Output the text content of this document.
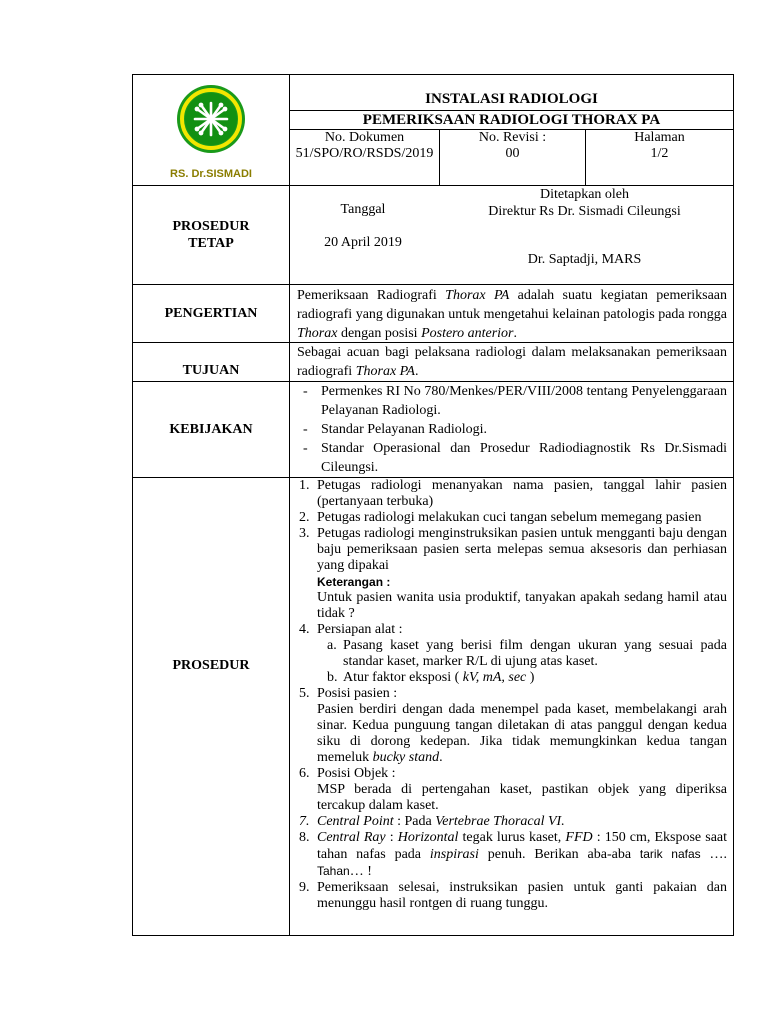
RS. Dr.SISMADI
INSTALASI RADIOLOGI
PEMERIKSAAN RADIOLOGI THORAX PA
No. Dokumen
51/SPO/RO/RSDS/2019
No. Revisi :
00
Halaman
1/2
PROSEDUR
TETAP
Tanggal
20 April 2019
Ditetapkan oleh
Direktur Rs Dr. Sismadi Cileungsi
Dr. Saptadji, MARS
PENGERTIAN
Pemeriksaan Radiografi Thorax PA adalah suatu kegiatan pemeriksaan radiografi yang digunakan untuk mengetahui kelainan patologis pada rongga Thorax dengan posisi Postero anterior.
TUJUAN
Sebagai acuan bagi pelaksana radiologi dalam melaksanakan pemeriksaan radiografi Thorax PA.
KEBIJAKAN
- Permenkes RI No 780/Menkes/PER/VIII/2008 tentang Penyelenggaraan Pelayanan Radiologi.
- Standar Pelayanan Radiologi.
- Standar Operasional dan Prosedur Radiodiagnostik Rs Dr.Sismadi Cileungsi.
PROSEDUR
1. Petugas radiologi menanyakan nama pasien, tanggal lahir pasien (pertanyaan terbuka)
2. Petugas radiologi melakukan cuci tangan sebelum memegang pasien
3. Petugas radiologi menginstruksikan pasien untuk mengganti baju dengan baju pemeriksaan pasien serta melepas semua aksesoris dan perhiasan yang dipakai
Keterangan :
Untuk pasien wanita usia produktif, tanyakan apakah sedang hamil atau tidak ?
4. Persiapan alat :
a. Pasang kaset yang berisi film dengan ukuran yang sesuai pada standar kaset, marker R/L di ujung atas kaset.
b. Atur faktor eksposi ( kV, mA, sec )
5. Posisi pasien :
Pasien berdiri dengan dada menempel pada kaset, membelakangi arah sinar. Kedua punguung tangan diletakan di atas panggul dengan kedua siku di dorong kedepan. Jika tidak memungkinkan kedua tangan memeluk bucky stand.
6. Posisi Objek :
MSP berada di pertengahan kaset, pastikan objek yang diperiksa tercakup dalam kaset.
7. Central Point : Pada Vertebrae Thoracal VI.
8. Central Ray : Horizontal tegak lurus kaset, FFD : 150 cm, Ekspose saat tahan nafas pada inspirasi penuh. Berikan aba-aba tarik nafas …. Tahan… !
9. Pemeriksaan selesai, instruksikan pasien untuk ganti pakaian dan menunggu hasil rontgen di ruang tunggu.
